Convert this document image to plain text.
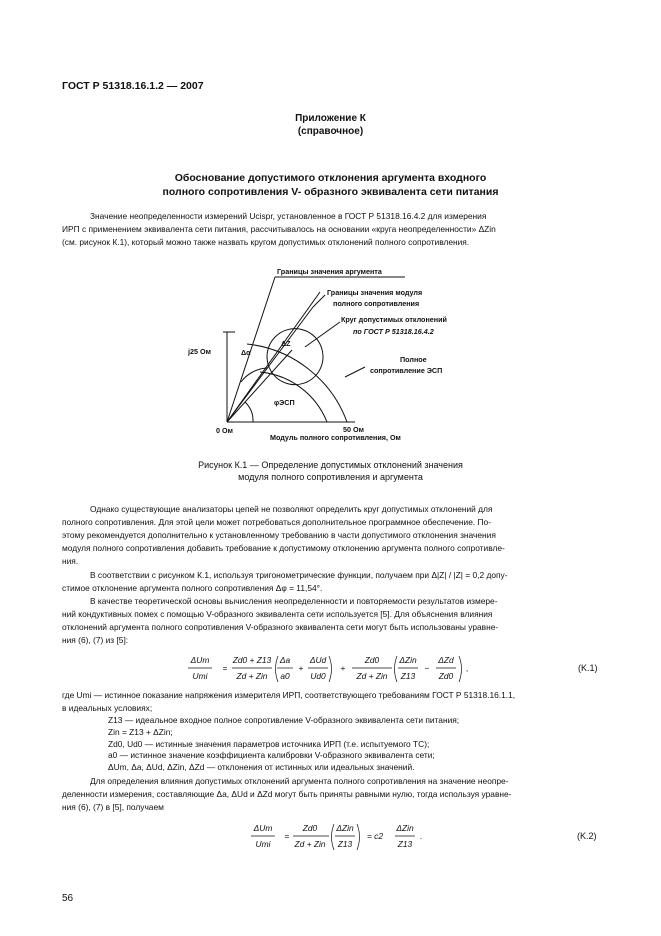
ГОСТ Р 51318.16.1.2 — 2007
Приложение К
(справочное)
Обоснование допустимого отклонения аргумента входного
полного сопротивления V- образного эквивалента сети питания

Значение неопределенности измерений Ucispr, установленное в ГОСТ Р 51318.16.4.2 для измерения

ИРП с применением эквивалента сети питания, рассчитывалось на основании «круга неопределенности» ΔZin

(см. рисунок К.1), который можно также назвать кругом допустимых отклонений полного сопротивления.

Границы значения аргумента
Границы значения модуля
полного сопротивления
Круг допустимых отклонений
по ГОСТ Р 51318.16.4.2
Полное
сопротивление ЭСП
j25 Ом	Δα
ΔZ
φЭСП
0 Ом	50 Ом
Модуль полного сопротивления, Ом
Рисунок К.1 — Определение допустимых отклонений значения
модуля полного сопротивления и аргумента

Однако существующие анализаторы цепей не позволяют определить круг допустимых отклонений для

полного сопротивления. Для этой цели может потребоваться дополнительное программное обеспечение. По-

этому рекомендуется дополнительно к установленному требованию в части допустимого отклонения значения

модуля полного сопротивления добавить требование к допустимому отклонению аргумента полного сопротивле-

ния.

В соответствии с рисунком К.1, используя тригонометрические функции, получаем при Δ|Z| / |Z| = 0,2 допу-

стимое отклонение аргумента полного сопротивления Δφ = 11,54°.

В качестве теоретической основы вычисления неопределенности и повторяемости результатов измере-

ний кондуктивных помех с помощью V-образного эквивалента сети используется [5]. Для объяснения влияния

отклонений аргумента полного сопротивления V-образного эквивалента сети могут быть использованы уравне-

ния (6), (7) из [5]:

ΔUm
Umi
=
Zd0 + Z13
Zd + Zin
Δa
a0
+
ΔUd
Ud0
+
Zd0
Zd + Zin
ΔZin
Z13
−
ΔZd
Zd0
,	(K.1)

где Umi — истинное показание напряжения измерителя ИРП, соответствующего требованиям ГОСТ Р 51318.16.1.1,

в идеальных условиях;

Z13 — идеальное входное полное сопротивление V-образного эквивалента сети питания;
Zin = Z13 + ΔZin;
Zd0, Ud0 — истинные значения параметров источника ИРП (т.е. испытуемого ТС);
a0 — истинное значение коэффициента калибровки V-образного эквивалента сети;
ΔUm, Δa, ΔUd, ΔZin, ΔZd — отклонения от истинных или идеальных значений.

Для определения влияния допустимых отклонений аргумента полного сопротивления на значение неопре-

деленности измерения, составляющие Δa, ΔUd и ΔZd могут быть приняты равными нулю, тогда используя уравне-

ния (6), (7) в [5], получаем

ΔUm
Umi
=
Zd0
Zd + Zin
ΔZin
Z13
= c2
ΔZin
Z13
.	(K.2)
56
